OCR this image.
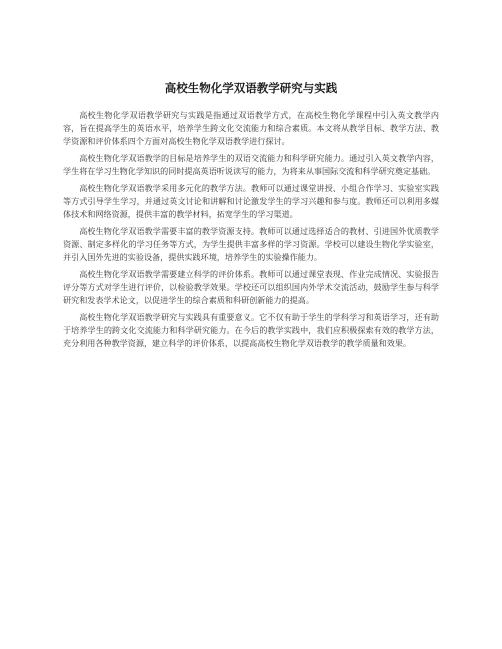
高校生物化学双语教学研究与实践

高校生物化学双语教学研究与实践是指通过双语教学方式，在高校生物化学课程中引入英文教学内容，旨在提高学生的英语水平，培养学生跨文化交流能力和综合素质。本文将从教学目标、教学方法、教学资源和评价体系四个方面对高校生物化学双语教学进行探讨。

高校生物化学双语教学的目标是培养学生的双语交流能力和科学研究能力。通过引入英文教学内容，学生将在学习生物化学知识的同时提高英语听说读写的能力，为将来从事国际交流和科学研究奠定基础。

高校生物化学双语教学采用多元化的教学方法。教师可以通过课堂讲授、小组合作学习、实验室实践等方式引导学生学习，并通过英文讨论和讲解和讨论激发学生的学习兴趣和参与度。教师还可以利用多媒体技术和网络资源，提供丰富的教学材料，拓宽学生的学习渠道。

高校生物化学双语教学需要丰富的教学资源支持。教师可以通过选择适合的教材、引进国外优质教学资源、制定多样化的学习任务等方式，为学生提供丰富多样的学习资源。学校可以建设生物化学实验室，并引入国外先进的实验设备，提供实践环境，培养学生的实验操作能力。

高校生物化学双语教学需要建立科学的评价体系。教师可以通过课堂表现、作业完成情况、实验报告评分等方式对学生进行评价，以检验教学效果。学校还可以组织国内外学术交流活动，鼓励学生参与科学研究和发表学术论文，以促进学生的综合素质和科研创新能力的提高。

高校生物化学双语教学研究与实践具有重要意义。它不仅有助于学生的学科学习和英语学习，还有助于培养学生的跨文化交流能力和科学研究能力。在今后的教学实践中，我们应积极探索有效的教学方法，充分利用各种教学资源，建立科学的评价体系，以提高高校生物化学双语教学的教学质量和效果。
